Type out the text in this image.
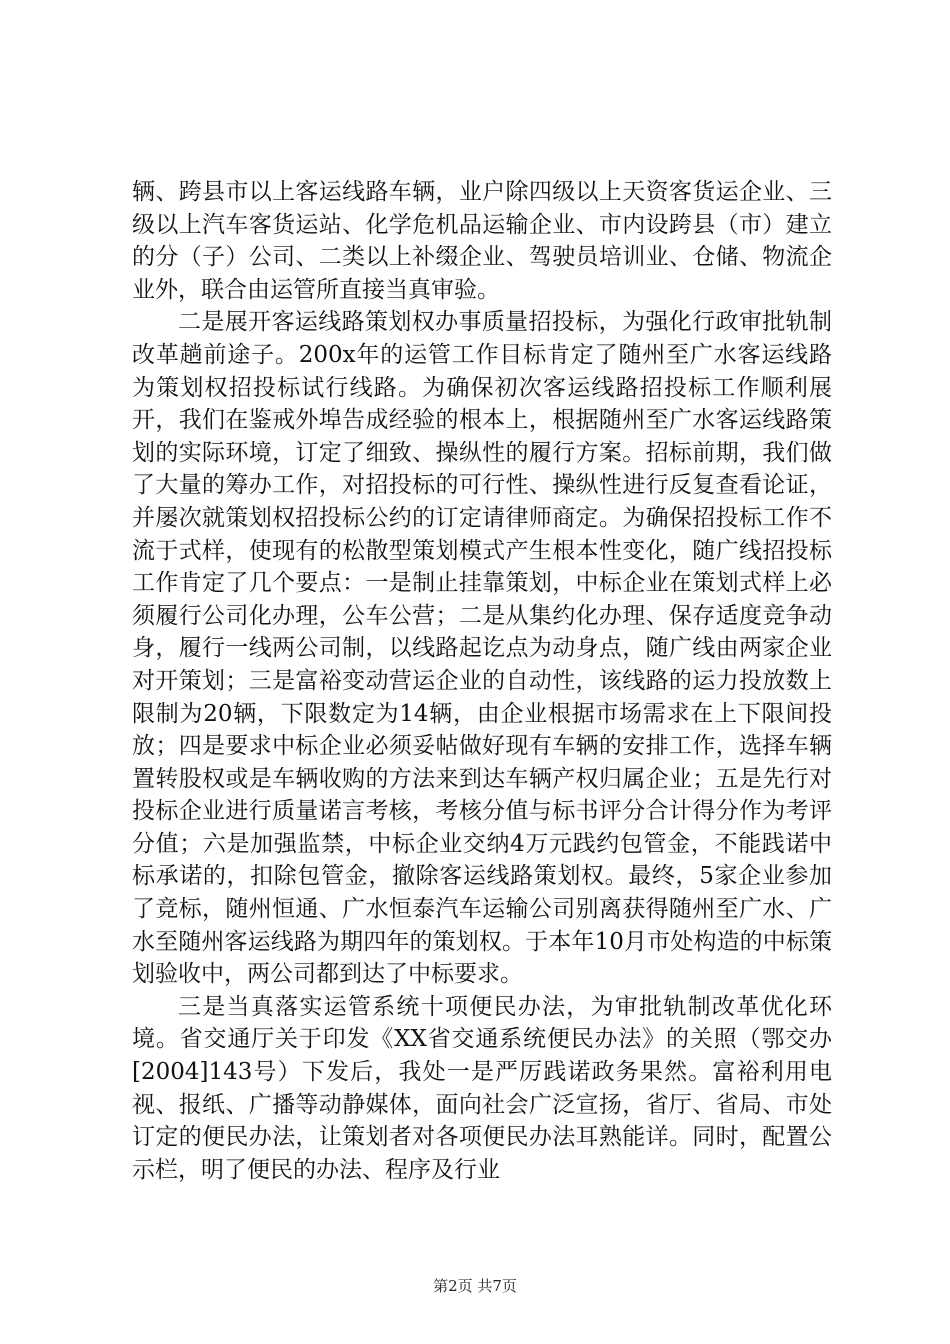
辆、跨县市以上客运线路车辆，业户除四级以上天资客货运企业、三级以上汽车客货运站、化学危机品运输企业、市内设跨县（市）建立的分（子）公司、二类以上补缀企业、驾驶员培训业、仓储、物流企业外，联合由运管所直接当真审验。

二是展开客运线路策划权办事质量招投标，为强化行政审批轨制改革趟前途子。200x年的运管工作目标肯定了随州至广水客运线路为策划权招投标试行线路。为确保初次客运线路招投标工作顺利展开，我们在鉴戒外埠告成经验的根本上，根据随州至广水客运线路策划的实际环境，订定了细致、操纵性的履行方案。招标前期，我们做了大量的筹办工作，对招投标的可行性、操纵性进行反复查看论证，并屡次就策划权招投标公约的订定请律师商定。为确保招投标工作不流于式样，使现有的松散型策划模式产生根本性变化，随广线招投标工作肯定了几个要点：一是制止挂靠策划，中标企业在策划式样上必须履行公司化办理，公车公营；二是从集约化办理、保存适度竞争动身，履行一线两公司制，以线路起讫点为动身点，随广线由两家企业对开策划；三是富裕变动营运企业的自动性，该线路的运力投放数上限制为20辆，下限数定为14辆，由企业根据市场需求在上下限间投放；四是要求中标企业必须妥帖做好现有车辆的安排工作，选择车辆置转股权或是车辆收购的方法来到达车辆产权归属企业；五是先行对投标企业进行质量诺言考核，考核分值与标书评分合计得分作为考评分值；六是加强监禁，中标企业交纳4万元践约包管金，不能践诺中标承诺的，扣除包管金，撤除客运线路策划权。最终，5家企业参加了竞标，随州恒通、广水恒泰汽车运输公司别离获得随州至广水、广水至随州客运线路为期四年的策划权。于本年10月市处构造的中标策划验收中，两公司都到达了中标要求。

三是当真落实运管系统十项便民办法，为审批轨制改革优化环境。省交通厅关于印发《XX省交通系统便民办法》的关照（鄂交办[2004]143号）下发后，我处一是严厉践诺政务果然。富裕利用电视、报纸、广播等动静媒体，面向社会广泛宣扬，省厅、省局、市处订定的便民办法，让策划者对各项便民办法耳熟能详。同时，配置公示栏，明了便民的办法、程序及行业

第2页 共7页
